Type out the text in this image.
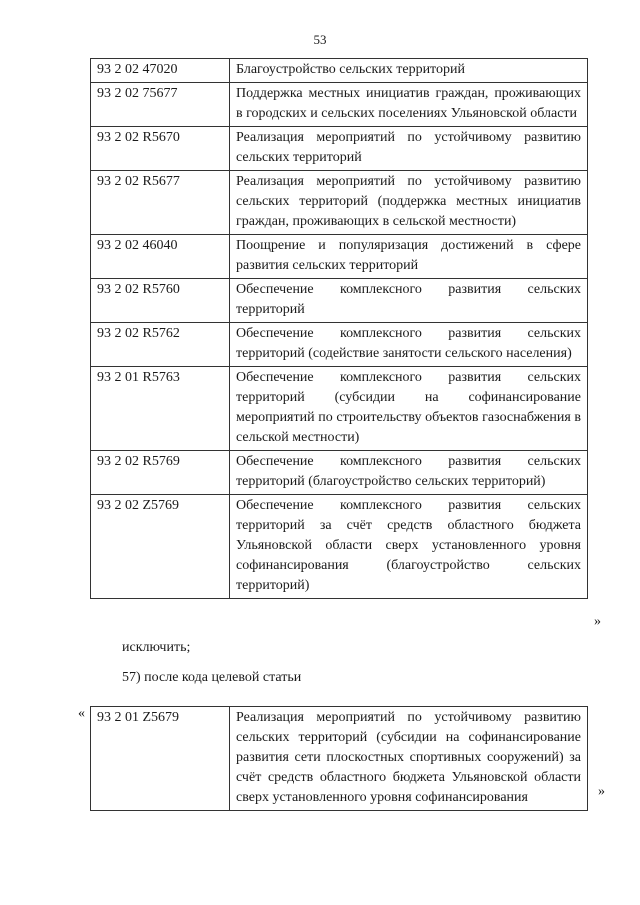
53
93 2 02 47020	Благоустройство сельских территорий
93 2 02 75677	Поддержка местных инициатив граждан, проживающих в городских и сельских поселениях Ульяновской области
93 2 02 R5670	Реализация мероприятий по устойчивому развитию сельских территорий
93 2 02 R5677	Реализация мероприятий по устойчивому развитию сельских территорий (поддержка местных инициатив граждан, проживающих в сельской местности)
93 2 02 46040	Поощрение и популяризация достижений в сфере развития сельских территорий
93 2 02 R5760	Обеспечение комплексного развития сельских территорий
93 2 02 R5762	Обеспечение комплексного развития сельских территорий (содействие занятости сельского населения)
93 2 01 R5763	Обеспечение комплексного развития сельских территорий (субсидии на софинансирование мероприятий по строительству объектов газоснабжения в сельской местности)
93 2 02 R5769	Обеспечение комплексного развития сельских территорий (благоустройство сельских территорий)
93 2 02 Z5769	Обеспечение комплексного развития сельских территорий за счёт средств областного бюджета Ульяновской области сверх установленного уровня софинансирования (благоустройство сельских территорий)
»
исключить;
57) после кода целевой статьи
« 93 2 01 Z5679	Реализация мероприятий по устойчивому развитию сельских территорий (субсидии на софинансирование развития сети плоскостных спортивных сооружений) за счёт средств областного бюджета Ульяновской области сверх установленного уровня софинансирования	»
